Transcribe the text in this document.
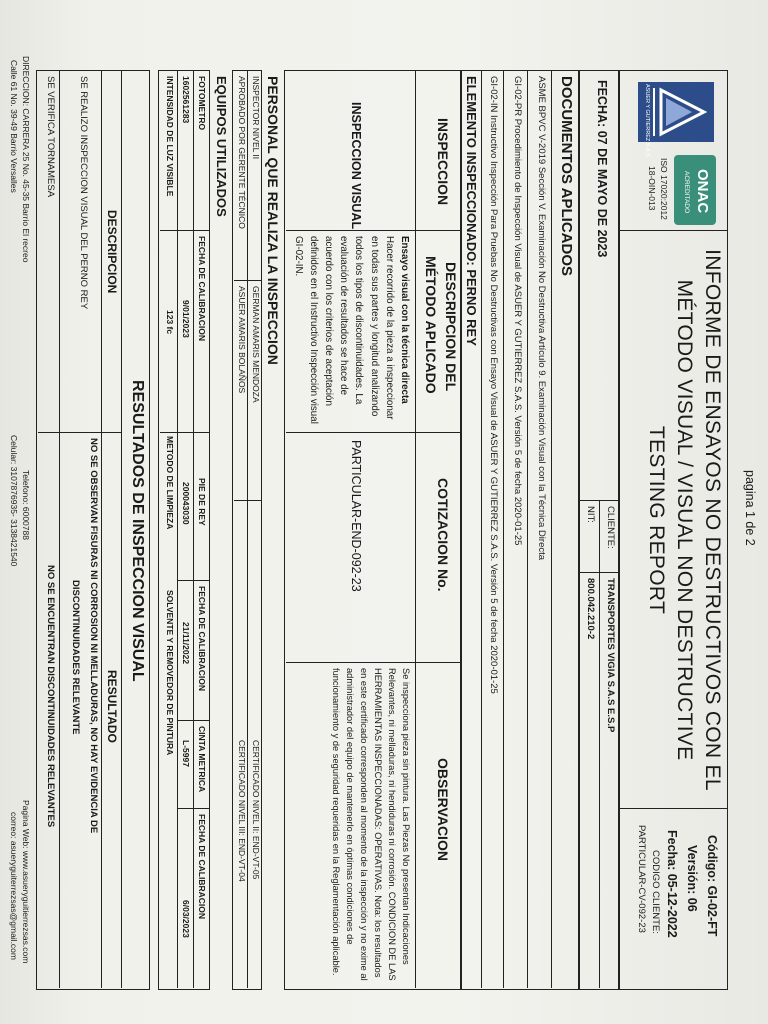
pagina 1 de 2
ASUER Y GUTIERREZ S.A.S
ONAC
ACREDITADO
ISO 17020:2012
18-OIN-013
INFORME DE ENSAYOS NO DESTRUCTIVOS CON EL
MÉTODO VISUAL / VISUAL NON DESTRUCTIVE
TESTING REPORT
Código: GI-02-FT
Versión: 06
Fecha: 05-12-2022
CODIGO CLIENTE:
PARTICULAR-CV-092-23
FECHA: 07 DE MAYO DE 2023
CLIENTE:
TRANSPORTES VIGIA S.A.S E.S.P
NIT:
800.042.210-2
DOCUMENTOS APLICADOS
ASME BPVC V-2019 Sección V. Examinación No Destructiva Artículo 9. Examinación Visual con la Técnica Directa
GI-02-PR Procedimiento de Inspección Visual de ASUER Y GUTIERREZ S.A.S. Versión 5 de fecha 2020-01-25
GI-02-IN Instructivo Inspección Para Pruebas No Destructivas con Ensayo Visual de ASUER Y GUTIERREZ S.A.S. Versión 5 de fecha 2020-01-25
ELEMENTO INSPECCIONADO: PERNO REY
INSPECCION
DESCRIPCION DEL
MÉTODO APLICADO
COTIZACION No.
OBSERVACION
INSPECCION VISUAL
Ensayo visual con la técnica directa Hacer recorrido de la pieza a inspeccionar en todas sus partes y longitud analizando todos los tipos de discontinuidades. La evaluación de resultados se hace de acuerdo con los criterios de aceptación definidos en el Instructivo Inspección visual GI-02-IN.
PARTICULAR-END-092-23
Se inspecciona pieza sin pintura. Las Piezas No presentan Indicaciones Relevantes, ni melladuras, ni hendiduras ni corrosión. CONDICION DE LAS HERRAMIENTAS INSPECCIONADAS: OPERATIVAS. Nota: los resultados en este certificado corresponden al momento de la inspección y no exime al administrador del equipo de mantenerlo en óptimas condiciones de funcionamiento y de seguridad requeridas en la Reglamentación aplicable.
PERSONAL QUE REALIZA LA INSPECCION
INSPECTOR NIVEL II
GERMAN AMARIS MENDOZA
CERTIFICADO NIVEL II: END-VT-05
APROBADO POR GERENTE TÉCNICO
ASUER AMARIS BOLAÑOS
CERTIFICADO NIVEL III: END-VT-04
EQUIPOS UTILIZADOS
FOTOMETRO
FECHA DE CALIBRACION
PIE DE REY
FECHA DE CALIBRACION
CINTA METRICA
FECHA DE CALIBRACION
1602561283
9/01/2023
200043030
21/11/2022
L-5997
6/03/2023
INTENSIDAD DE LUZ VISIBLE
123 fc
METODO DE LIMPIEZA
SOLVENTE Y REMOVEDOR DE PINTURA
RESULTADOS DE INSPECCION VISUAL
DESCRIPCION
RESULTADO
SE REALIZO INSPECCION VISUAL DEL PERNO REY
NO SE OBSERVAN FISURAS NI CORROSION NI MELLADURAS, NO HAY EVIDENCIA DE
DISCONTINUIDADES RELEVANTE
SE VERIFICA TORNAMESA
NO SE ENCUENTRAN DISCONTINUIDADES RELEVANTES
DIRECCION: CARRERA 25 No. 45-35 Barrio El recreo
Calle 61 No. 39-49 Barrio Versalles
Telefono: 6000788
Celular: 3107876935- 3138421540
Pagina Web: www.asueryguitierrezsas.com
correo: asueryguiterrezsas@gmail.com
